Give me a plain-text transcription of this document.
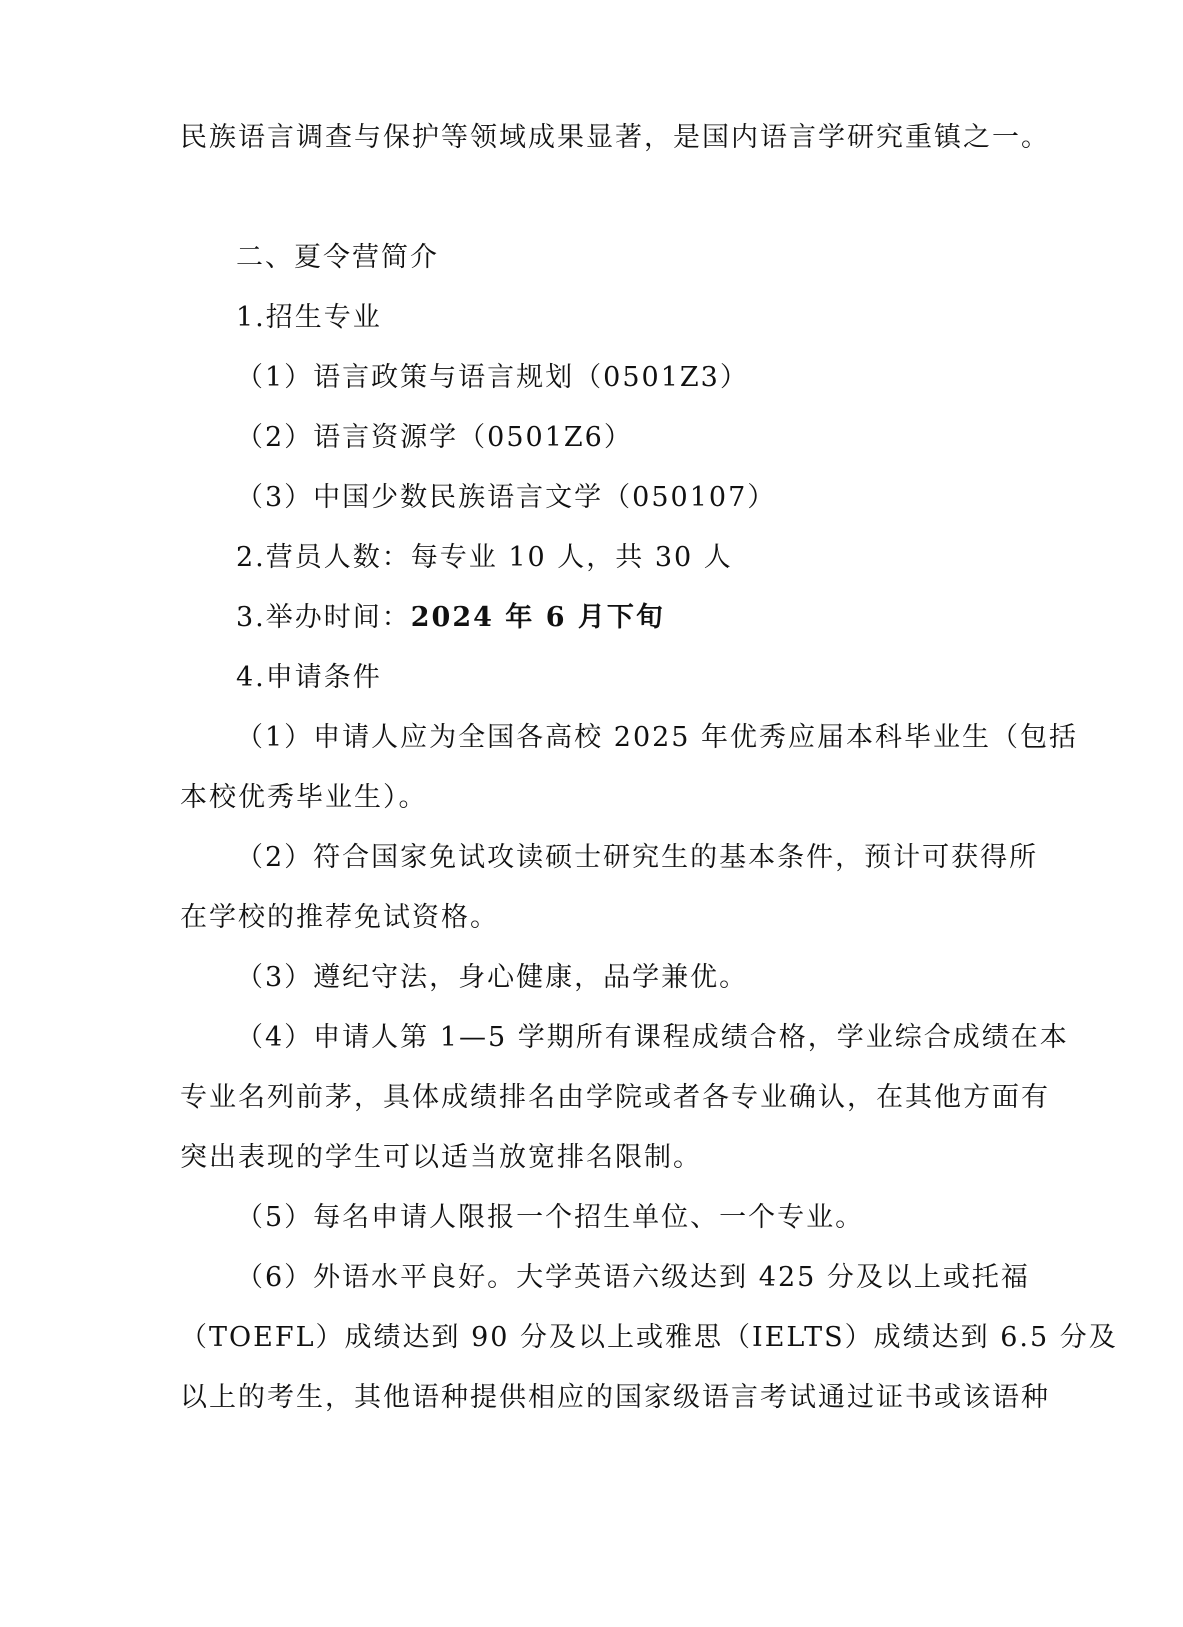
民族语言调查与保护等领域成果显著，是国内语言学研究重镇之一。
二、夏令营简介
1.招生专业
（1）语言政策与语言规划（0501Z3）
（2）语言资源学（0501Z6）
（3）中国少数民族语言文学（050107）
2.营员人数：每专业 10 人，共 30 人
3.举办时间：2024 年 6 月下旬
4.申请条件
（1）申请人应为全国各高校 2025 年优秀应届本科毕业生（包括
本校优秀毕业生）。
（2）符合国家免试攻读硕士研究生的基本条件，预计可获得所
在学校的推荐免试资格。
（3）遵纪守法，身心健康，品学兼优。
（4）申请人第 1—5 学期所有课程成绩合格，学业综合成绩在本
专业名列前茅，具体成绩排名由学院或者各专业确认，在其他方面有
突出表现的学生可以适当放宽排名限制。
（5）每名申请人限报一个招生单位、一个专业。
（6）外语水平良好。大学英语六级达到 425 分及以上或托福
（TOEFL）成绩达到 90 分及以上或雅思（IELTS）成绩达到 6.5 分及
以上的考生，其他语种提供相应的国家级语言考试通过证书或该语种
